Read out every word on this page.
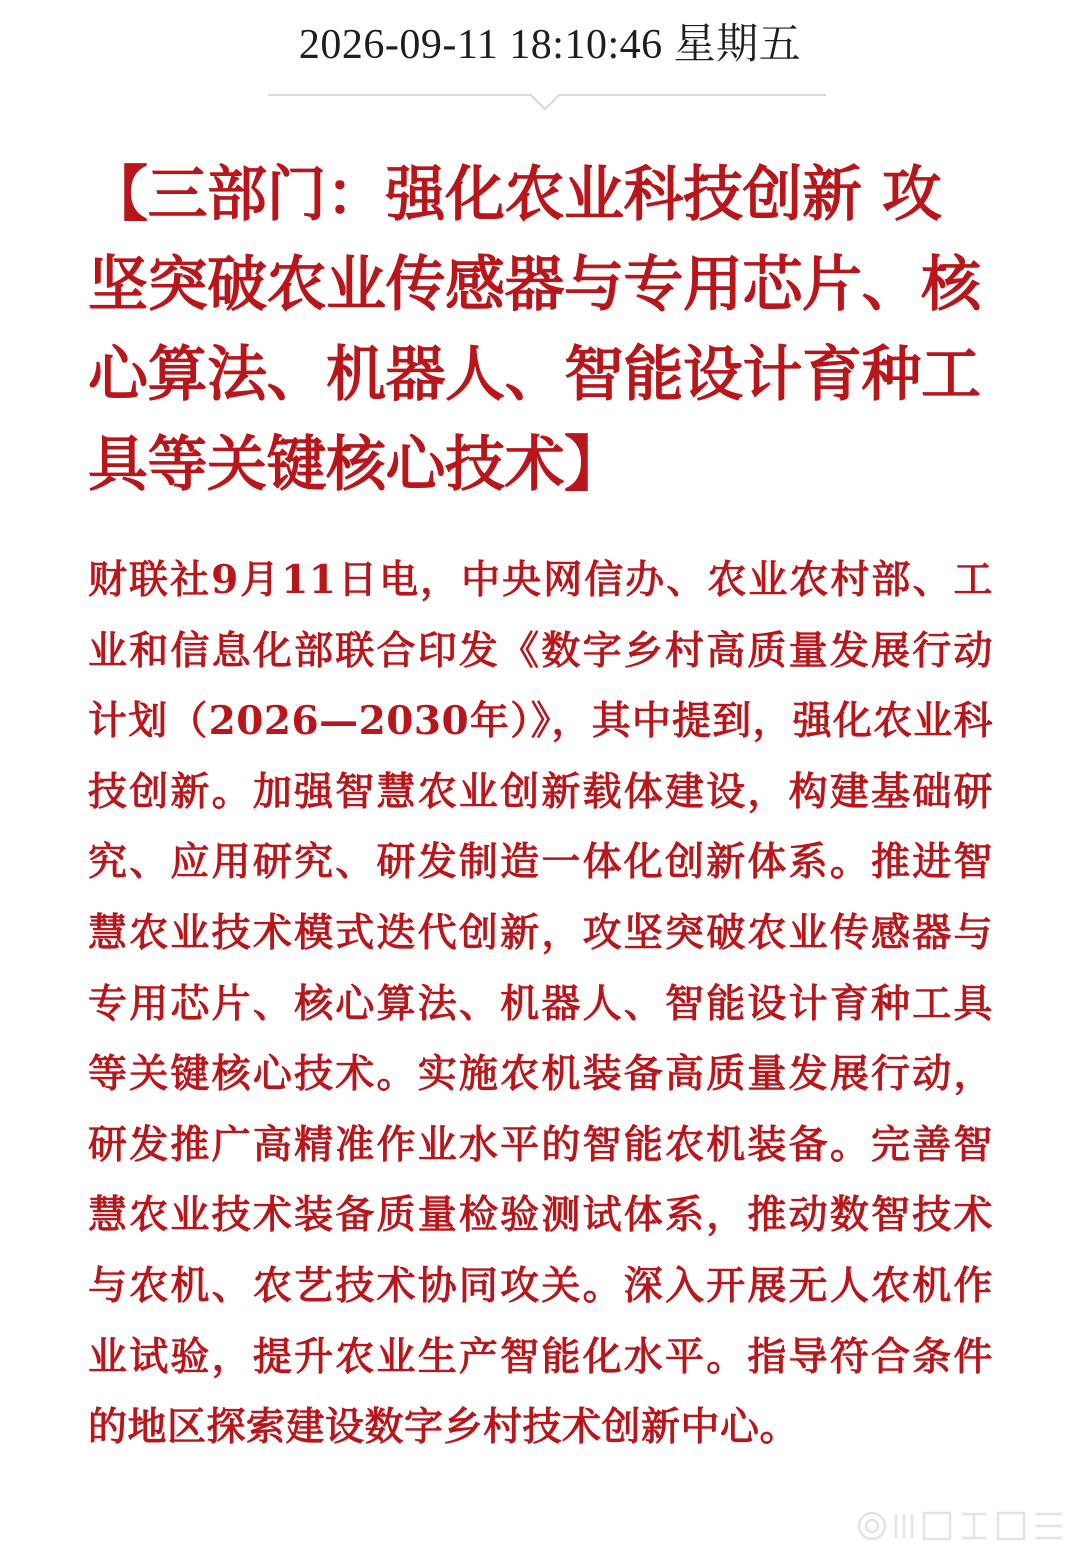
2026-09-11 18:10:46 星期五
【三部门：强化农业科技创新 攻坚突破农业传感器与专用芯片、核心算法、机器人、智能设计育种工具等关键核心技术】

财联社9月11日电，中央网信办、农业农村部、工业和信息化部联合印发《数字乡村高质量发展行动计划（2026—2030年）》，其中提到，强化农业科技创新。加强智慧农业创新载体建设，构建基础研究、应用研究、研发制造一体化创新体系。推进智慧农业技术模式迭代创新，攻坚突破农业传感器与专用芯片、核心算法、机器人、智能设计育种工具等关键核心技术。实施农机装备高质量发展行动，研发推广高精准作业水平的智能农机装备。完善智慧农业技术装备质量检验测试体系，推动数智技术与农机、农艺技术协同攻关。深入开展无人农机作业试验，提升农业生产智能化水平。指导符合条件的地区探索建设数字乡村技术创新中心。
